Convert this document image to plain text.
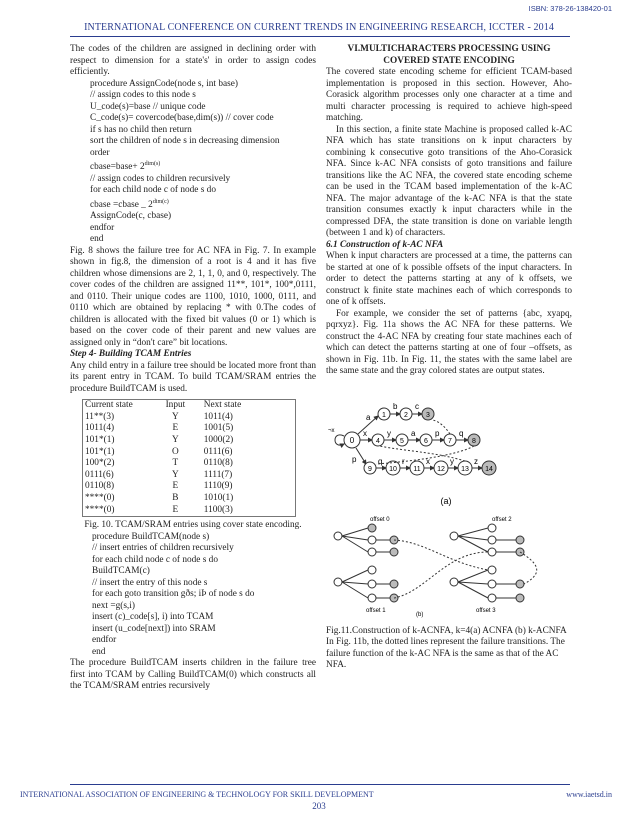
ISBN: 378-26-138420-01
INTERNATIONAL CONFERENCE ON CURRENT TRENDS IN ENGINEERING RESEARCH, ICCTER - 2014

The codes of the children are assigned in declining order with respect to dimension for a state's' in order to assign codes efficiently.

procedure AssignCode(node s, int base)

// assign codes to this node s

U_code(s)=base // unique code

C_code(s)= covercode(base,dim(s)) // cover code

if s has no child then return

sort the children of node s in decreasing dimension

order

cbase=base+ $2^{dim(s)}$

// assign codes to children recursively

for each child node c of node s do

cbase =cbase _ $2^{dim(c)}$

AssignCode(c, cbase)

endfor

end

Fig. 8 shows the failure tree for AC NFA in Fig. 7. In example shown in fig.8, the dimension of a root is 4 and it has five children whose dimensions are 2, 1, 1, 0, and 0, respectively. The cover codes of the children are assigned 11**, 101*, 100*,0111, and 0110. Their unique codes are 1100, 1010, 1000, 0111, and 0110 which are obtained by replacing * with 0.The codes of children is allocated with the fixed bit values (0 or 1) which is based on the cover code of their parent and new values are assigned only in “don't care” bit locations.

Step 4- Building TCAM Entries

Any child entry in a failure tree should be located more front than its parent entry in TCAM. To build TCAM/SRAM entries the procedure BuildTCAM is used.

Current state	Input	Next state
11**(3)	Y	1011(4)
1011(4)	E	1001(5)
101*(1)	Y	1000(2)
101*(1)	O	0111(6)
100*(2)	T	0110(8)
0111(6)	Y	1111(7)
0110(8)	E	1110(9)
****(0)	B	1010(1)
****(0)	E	1100(3)

Fig. 10. TCAM/SRAM entries using cover state encoding.

procedure BuildTCAM(node s)

// insert entries of children recursively

for each child node c of node s do

BuildTCAM(c)

// insert the entry of this node s

for each goto transition gðs; iÞ of node s do

next =g(s,i)

insert (c)_code[s], i) into TCAM

insert (u_code[next]) into SRAM

endfor

end

The procedure BuildTCAM inserts children in the failure tree first into TCAM by Calling BuildTCAM(0) which constructs all the TCAM/SRAM entries recursively

VI.MULTICHARACTERS PROCESSING USING COVERED STATE ENCODING

The covered state encoding scheme for efficient TCAM-based implementation is proposed in this section. However, Aho-Corasick algorithm processes only one character at a time and multi character processing is required to achieve high-speed matching.

In this section, a finite state Machine is proposed called k-AC NFA which has state transitions on k input characters by combining k consecutive goto transitions of the Aho-Corasick NFA. Since k-AC NFA consists of goto transitions and failure transitions like the AC NFA, the covered state encoding scheme can be used in the TCAM based implementation of the k-AC NFA. The major advantage of the k-AC NFA is that the state transition consumes exactly k input characters while in the compressed DFA, the state transition is done on variable length (between 1 and k) of characters.

6.1 Construction of k-AC NFA

When k input characters are processed at a time, the patterns can be started at one of k possible offsets of the input characters. In order to detect the patterns starting at any of k offsets, we construct k finite state machines each of which corresponds to one of k offsets.

For example, we consider the set of patterns {abc, xyapq, pqrxyz}. Fig. 11a shows the AC NFA for these patterns. We construct the 4-AC NFA by creating four state machines each of which can detect the patterns starting at one of four –offsets, as shown in Fig. 11b. In Fig. 11, the states with the same label are the same state and the gray colored states are output states.

0
¬x
a 1
b
2
c
3
x
4
y
5
a
6
p
7
q
8
p
9
q
10
r
11
x
12
y
13
z
14
(a)
offset 0	offset 2
offset 1	offset 3
(b)

Fig.11.Construction of k-ACNFA, k=4(a) ACNFA (b) k-ACNFA

In Fig. 11b, the dotted lines represent the failure transitions. The failure function of the k-AC NFA is the same as that of the AC NFA.

INTERNATIONAL ASSOCIATION OF ENGINEERING & TECHNOLOGY FOR SKILL DEVELOPMENT	www.iaetsd.in
203
